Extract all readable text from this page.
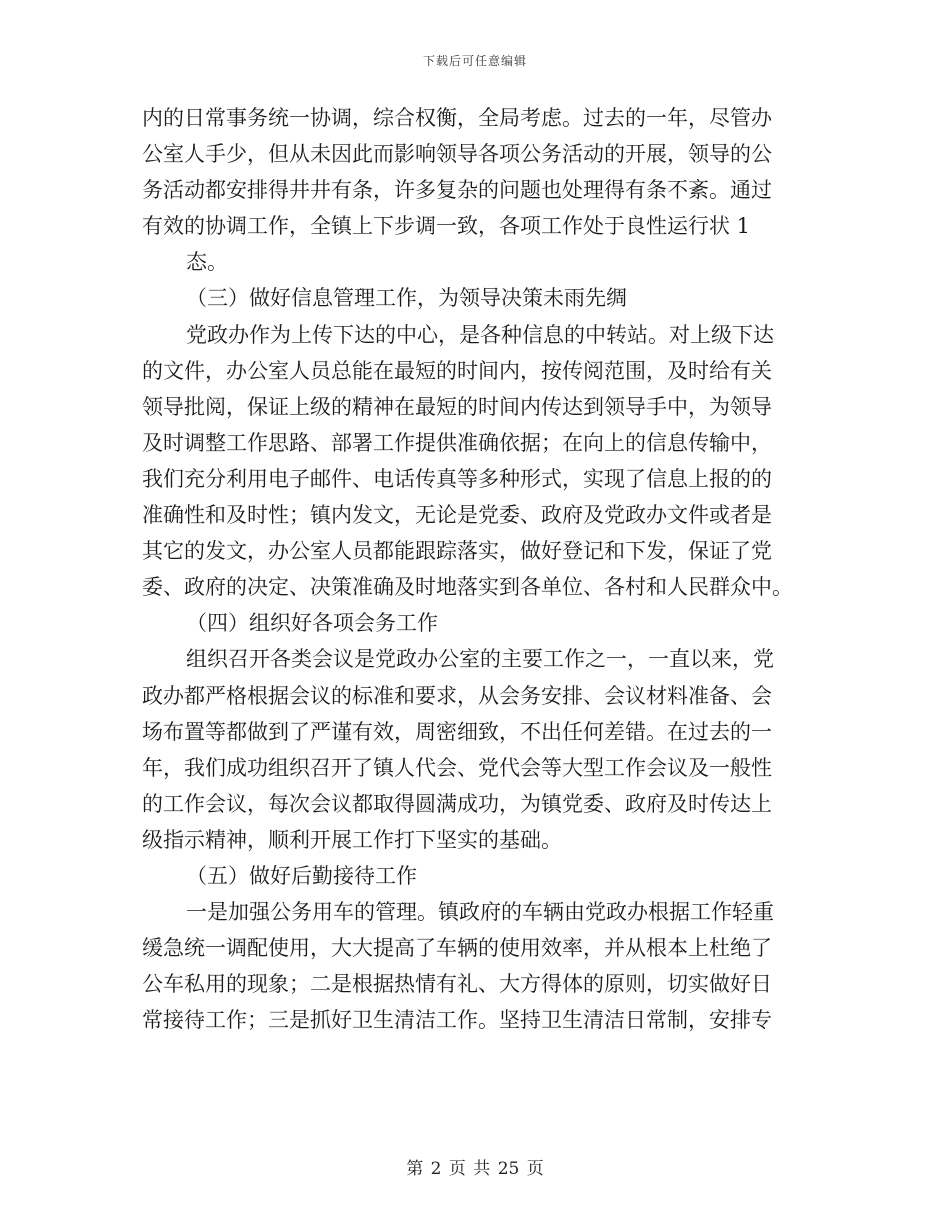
下载后可任意编辑
内的日常事务统一协调，综合权衡，全局考虑。过去的一年，尽管办
公室人手少，但从未因此而影响领导各项公务活动的开展，领导的公
务活动都安排得井井有条，许多复杂的问题也处理得有条不紊。通过
有效的协调工作，全镇上下步调一致，各项工作处于良性运行状 1
态。
（三）做好信息管理工作，为领导决策未雨先绸
党政办作为上传下达的中心，是各种信息的中转站。对上级下达
的文件，办公室人员总能在最短的时间内，按传阅范围，及时给有关
领导批阅，保证上级的精神在最短的时间内传达到领导手中，为领导
及时调整工作思路、部署工作提供准确依据；在向上的信息传输中，
我们充分利用电子邮件、电话传真等多种形式，实现了信息上报的的
准确性和及时性；镇内发文，无论是党委、政府及党政办文件或者是
其它的发文，办公室人员都能跟踪落实，做好登记和下发，保证了党
委、政府的决定、决策准确及时地落实到各单位、各村和人民群众中。
（四）组织好各项会务工作
组织召开各类会议是党政办公室的主要工作之一，一直以来，党
政办都严格根据会议的标准和要求，从会务安排、会议材料准备、会
场布置等都做到了严谨有效，周密细致，不出任何差错。在过去的一
年，我们成功组织召开了镇人代会、党代会等大型工作会议及一般性
的工作会议，每次会议都取得圆满成功，为镇党委、政府及时传达上
级指示精神，顺利开展工作打下坚实的基础。
（五）做好后勤接待工作
一是加强公务用车的管理。镇政府的车辆由党政办根据工作轻重
缓急统一调配使用，大大提高了车辆的使用效率，并从根本上杜绝了
公车私用的现象；二是根据热情有礼、大方得体的原则，切实做好日
常接待工作；三是抓好卫生清洁工作。坚持卫生清洁日常制，安排专
第 2 页 共 25 页
